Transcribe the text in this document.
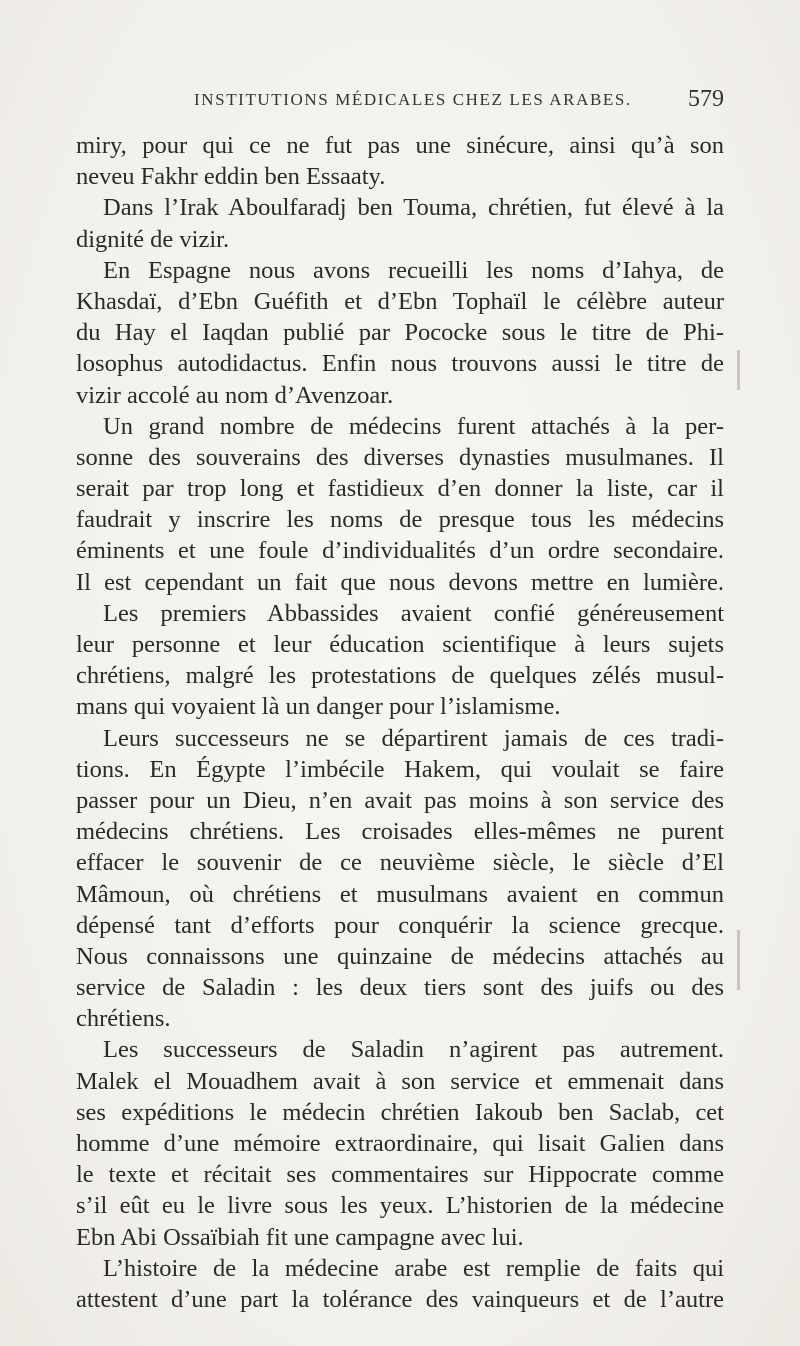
INSTITUTIONS MÉDICALES CHEZ LES ARABES. 579

miry, pour qui ce ne fut pas une sinécure, ainsi qu’à son
neveu Fakhr eddin ben Essaaty.

Dans l’Irak Aboulfaradj ben Touma, chrétien, fut élevé à la
dignité de vizir.

En Espagne nous avons recueilli les noms d’Iahya, de
Khasdaï, d’Ebn Guéfith et d’Ebn Tophaïl le célèbre auteur
du Hay el Iaqdan publié par Pococke sous le titre de Phi-
losophus autodidactus. Enfin nous trouvons aussi le titre de
vizir accolé au nom d’Avenzoar.

Un grand nombre de médecins furent attachés à la per-
sonne des souverains des diverses dynasties musulmanes. Il
serait par trop long et fastidieux d’en donner la liste, car il
faudrait y inscrire les noms de presque tous les médecins
éminents et une foule d’individualités d’un ordre secondaire.
Il est cependant un fait que nous devons mettre en lumière.

Les premiers Abbassides avaient confié généreusement
leur personne et leur éducation scientifique à leurs sujets
chrétiens, malgré les protestations de quelques zélés musul-
mans qui voyaient là un danger pour l’islamisme.

Leurs successeurs ne se départirent jamais de ces tradi-
tions. En Égypte l’imbécile Hakem, qui voulait se faire
passer pour un Dieu, n’en avait pas moins à son service des
médecins chrétiens. Les croisades elles-mêmes ne purent
effacer le souvenir de ce neuvième siècle, le siècle d’El
Mâmoun, où chrétiens et musulmans avaient en commun
dépensé tant d’efforts pour conquérir la science grecque.
Nous connaissons une quinzaine de médecins attachés au
service de Saladin : les deux tiers sont des juifs ou des
chrétiens.

Les successeurs de Saladin n’agirent pas autrement.
Malek el Mouadhem avait à son service et emmenait dans
ses expéditions le médecin chrétien Iakoub ben Saclab, cet
homme d’une mémoire extraordinaire, qui lisait Galien dans
le texte et récitait ses commentaires sur Hippocrate comme
s’il eût eu le livre sous les yeux. L’historien de la médecine
Ebn Abi Ossaïbiah fit une campagne avec lui.

L’histoire de la médecine arabe est remplie de faits qui
attestent d’une part la tolérance des vainqueurs et de l’autre
